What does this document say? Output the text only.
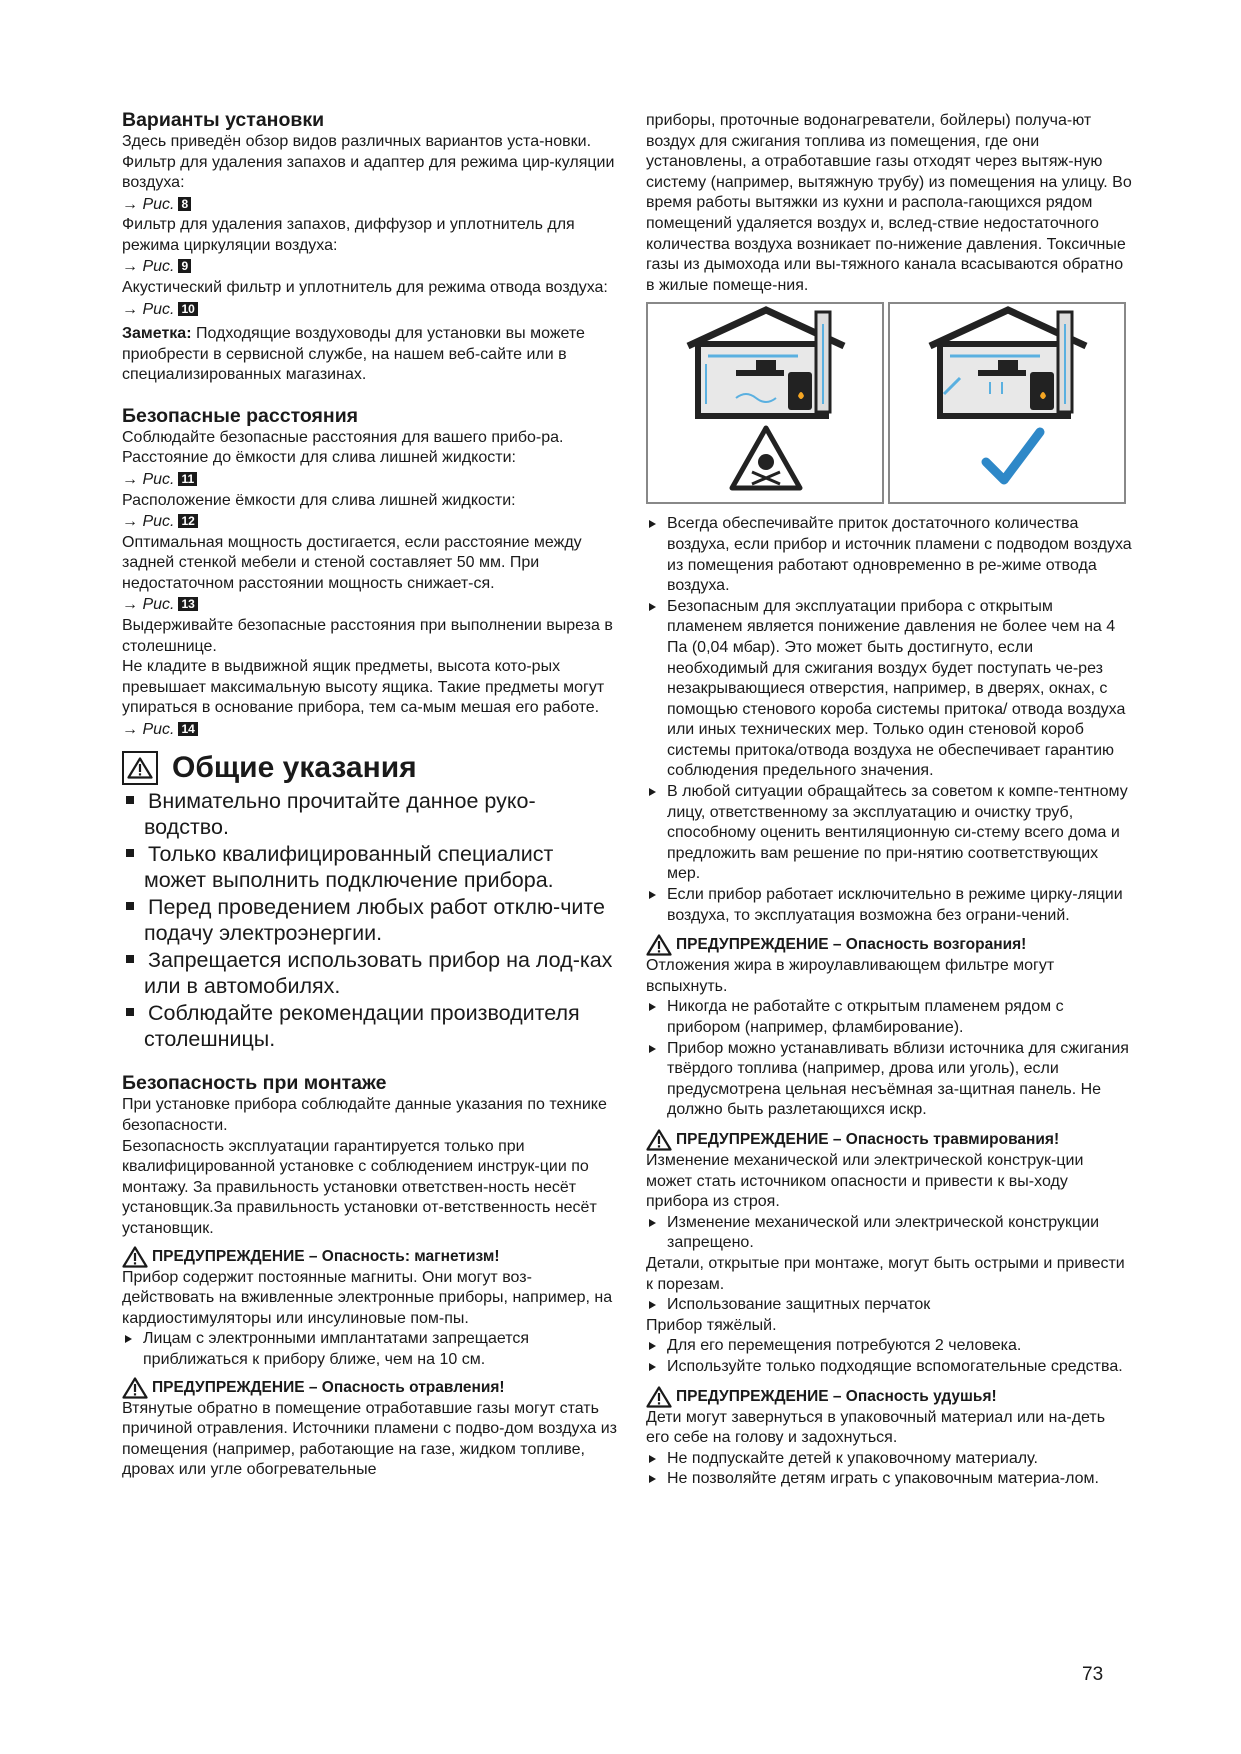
Варианты установки

Здесь приведён обзор видов различных вариантов уста-новки.

Фильтр для удаления запахов и адаптер для режима цир-куляции воздуха:

→ Рис. 8

Фильтр для удаления запахов, диффузор и уплотнитель для режима циркуляции воздуха:

→ Рис. 9

Акустический фильтр и уплотнитель для режима отвода воздуха:

→ Рис. 10

Заметка: Подходящие воздуховоды для установки вы можете приобрести в сервисной службе, на нашем веб-сайте или в специализированных магазинах.

Безопасные расстояния

Соблюдайте безопасные расстояния для вашего прибо-ра.

Расстояние до ёмкости для слива лишней жидкости:

→ Рис. 11

Расположение ёмкости для слива лишней жидкости:

→ Рис. 12

Оптимальная мощность достигается, если расстояние между задней стенкой мебели и стеной составляет 50 мм. При недостаточном расстоянии мощность снижает-ся.

→ Рис. 13

Выдерживайте безопасные расстояния при выполнении выреза в столешнице.

Не кладите в выдвижной ящик предметы, высота кото-рых превышает максимальную высоту ящика. Такие предметы могут упираться в основание прибора, тем са-мым мешая его работе.

→ Рис. 14
Общие указания
Внимательно прочитайте данное руко-водство.
Только квалифицированный специалист может выполнить подключение прибора.
Перед проведением любых работ отклю-чите подачу электроэнергии.
Запрещается использовать прибор на лод-ках или в автомобилях.
Соблюдайте рекомендации производителя столешницы.
Безопасность при монтаже

При установке прибора соблюдайте данные указания по технике безопасности.

Безопасность эксплуатации гарантируется только при квалифицированной установке с соблюдением инструк-ции по монтажу. За правильность установки ответствен-ность несёт установщик.За правильность установки от-ветственность несёт установщик.

ПРЕДУПРЕЖДЕНИЕ – Опасность: магнетизм!

Прибор содержит постоянные магниты. Они могут воз-действовать на вживленные электронные приборы, например, на кардиостимуляторы или инсулиновые пом-пы.

Лицам с электронными имплантатами запрещается приближаться к прибору ближе, чем на 10 см.
ПРЕДУПРЕЖДЕНИЕ – Опасность отравления!

Втянутые обратно в помещение отработавшие газы могут стать причиной отравления. Источники пламени с подво-дом воздуха из помещения (например, работающие на газе, жидком топливе, дровах или угле обогревательные

приборы, проточные водонагреватели, бойлеры) получа-ют воздух для сжигания топлива из помещения, где они установлены, а отработавшие газы отходят через вытяж-ную систему (например, вытяжную трубу) из помещения на улицу. Во время работы вытяжки из кухни и распола-гающихся рядом помещений удаляется воздух и, вслед-ствие недостаточного количества воздуха возникает по-нижение давления. Токсичные газы из дымохода или вы-тяжного канала всасываются обратно в жилые помеще-ния.

Всегда обеспечивайте приток достаточного количества воздуха, если прибор и источник пламени с подводом воздуха из помещения работают одновременно в ре-жиме отвода воздуха.
Безопасным для эксплуатации прибора с открытым пламенем является понижение давления не более чем на 4 Па (0,04 мбар). Это может быть достигнуто, если необходимый для сжигания воздух будет поступать че-рез незакрывающиеся отверстия, например, в дверях, окнах, с помощью стенового короба системы притока/ отвода воздуха или иных технических мер. Только один стеновой короб системы притока/отвода воздуха не обеспечивает гарантию соблюдения предельного значения.
В любой ситуации обращайтесь за советом к компе-тентному лицу, ответственному за эксплуатацию и очистку труб, способному оценить вентиляционную си-стему всего дома и предложить вам решение по при-нятию соответствующих мер.
Если прибор работает исключительно в режиме цирку-ляции воздуха, то эксплуатация возможна без ограни-чений.
ПРЕДУПРЕЖДЕНИЕ – Опасность возгорания!

Отложения жира в жироулавливающем фильтре могут вспыхнуть.

Никогда не работайте с открытым пламенем рядом с прибором (например, фламбирование).
Прибор можно устанавливать вблизи источника для сжигания твёрдого топлива (например, дрова или уголь), если предусмотрена цельная несъёмная за-щитная панель. Не должно быть разлетающихся искр.
ПРЕДУПРЕЖДЕНИЕ – Опасность травмирования!

Изменение механической или электрической конструк-ции может стать источником опасности и привести к вы-ходу прибора из строя.

Изменение механической или электрической конструкции запрещено.

Детали, открытые при монтаже, могут быть острыми и привести к порезам.

Использование защитных перчаток

Прибор тяжёлый.

Для его перемещения потребуются 2 человека.
Используйте только подходящие вспомогательные средства.
ПРЕДУПРЕЖДЕНИЕ – Опасность удушья!

Дети могут завернуться в упаковочный материал или на-деть его себе на голову и задохнуться.

Не подпускайте детей к упаковочному материалу.
Не позволяйте детям играть с упаковочным материа-лом.
73
